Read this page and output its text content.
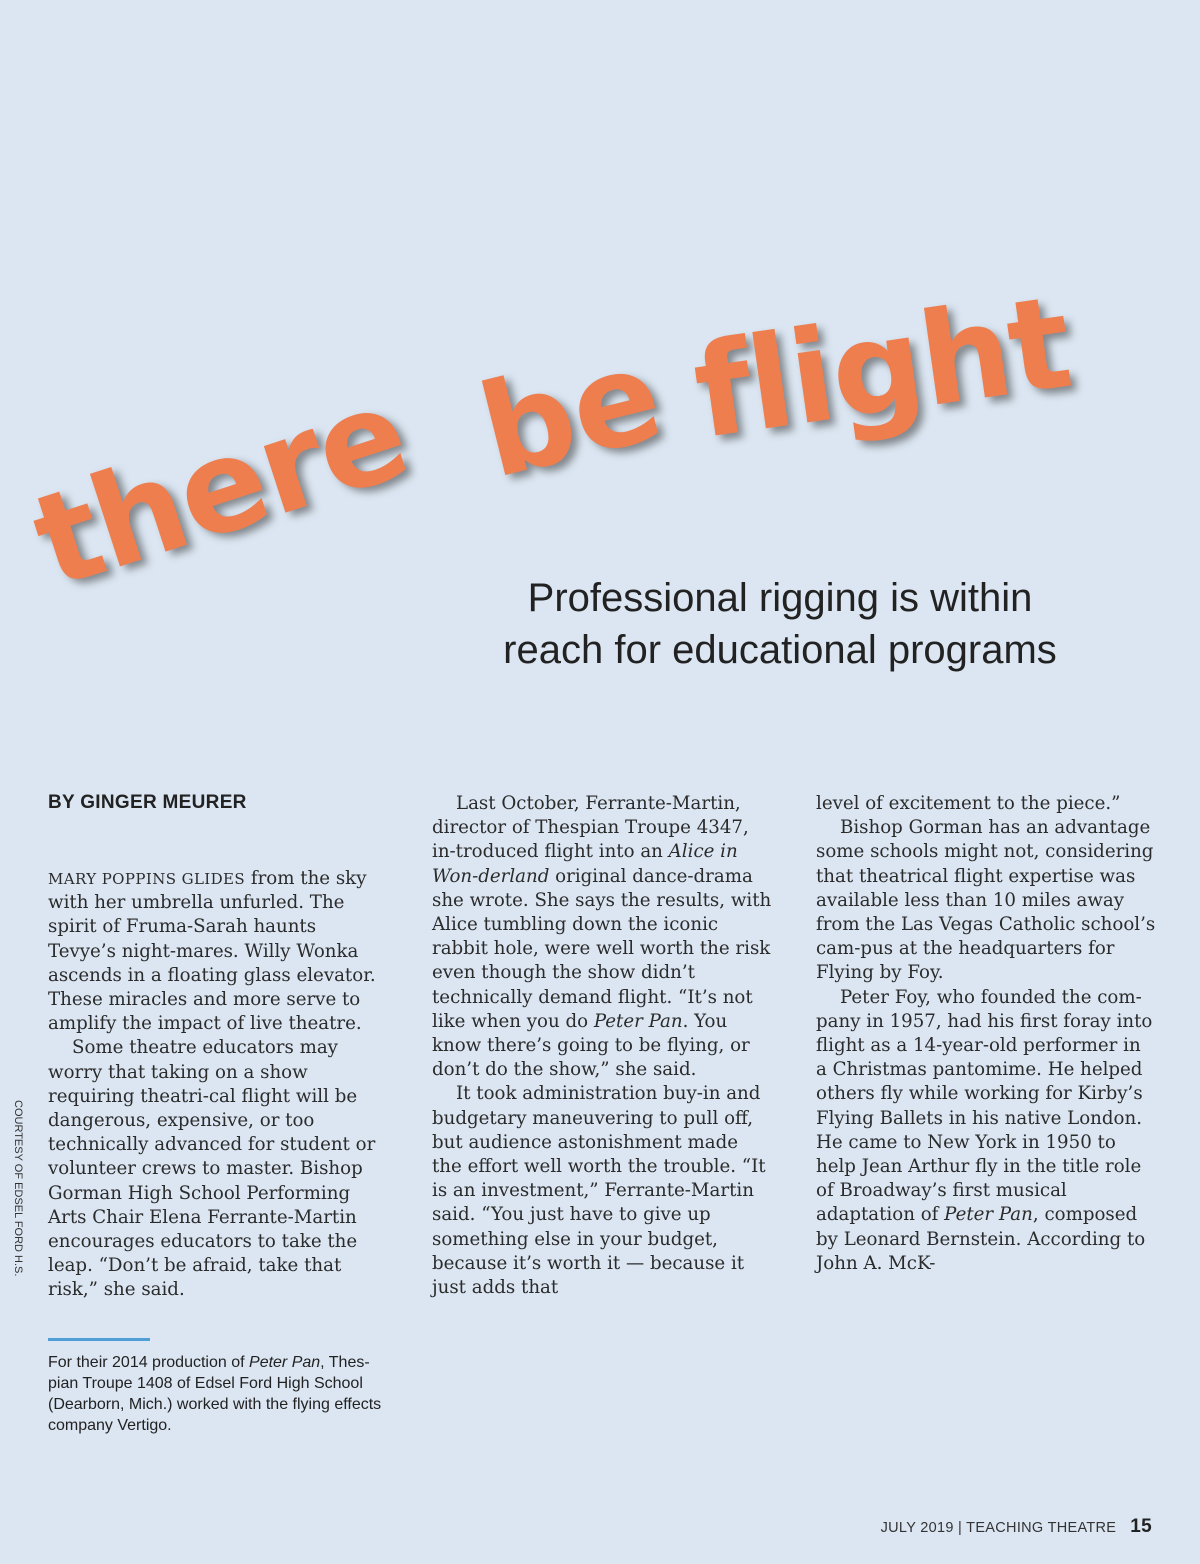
there be flight
Professional rigging is within
reach for educational programs
BY GINGER MEURER

MARY POPPINS GLIDES from the sky with her umbrella unfurled. The spirit of Fruma-Sarah haunts Tevye’s night-mares. Willy Wonka ascends in a floating glass elevator. These miracles and more serve to amplify the impact of live theatre.

Some theatre educators may worry that taking on a show requiring theatri-cal flight will be dangerous, expensive, or too technically advanced for student or volunteer crews to master. Bishop Gorman High School Performing Arts Chair Elena Ferrante-Martin encourages educators to take the leap. “Don’t be afraid, take that risk,” she said.

Last October, Ferrante-Martin, director of Thespian Troupe 4347, in-troduced flight into an Alice in Won-derland original dance-drama she wrote. She says the results, with Alice tumbling down the iconic rabbit hole, were well worth the risk even though the show didn’t technically demand flight. “It’s not like when you do Peter Pan. You know there’s going to be flying, or don’t do the show,” she said.

It took administration buy-in and budgetary maneuvering to pull off, but audience astonishment made the effort well worth the trouble. “It is an investment,” Ferrante-Martin said. “You just have to give up something else in your budget, because it’s worth it — because it just adds that

level of excitement to the piece.”

Bishop Gorman has an advantage some schools might not, considering that theatrical flight expertise was available less than 10 miles away from the Las Vegas Catholic school’s cam-pus at the headquarters for Flying by Foy.

Peter Foy, who founded the com-pany in 1957, had his first foray into flight as a 14-year-old performer in a Christmas pantomime. He helped others fly while working for Kirby’s Flying Ballets in his native London. He came to New York in 1950 to help Jean Arthur fly in the title role of Broadway’s first musical adaptation of Peter Pan, composed by Leonard Bernstein. According to John A. McK-

COURTESY OF EDSEL FORD H.S.
For their 2014 production of Peter Pan, Thes-pian Troupe 1408 of Edsel Ford High School (Dearborn, Mich.) worked with the flying effects company Vertigo.
JULY 2019 | TEACHING THEATRE 15
